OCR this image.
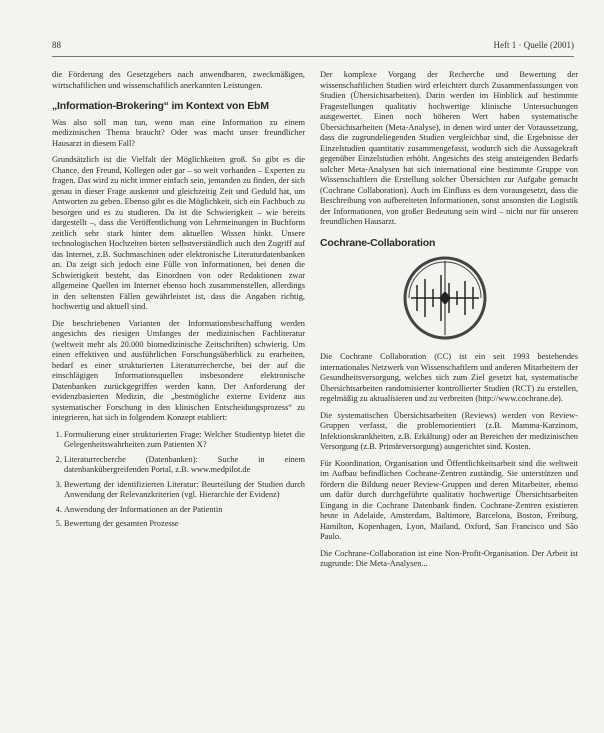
88	Heft 1 · Quelle (2001)

die Förderung des Gesetzgebers nach anwendbaren, zweckmäßigen, wirtschaftlichen und wissenschaftlich anerkannten Leistungen.

„Information-Brokering“ im Kontext von EbM

Was also soll man tun, wenn man eine Information zu einem medizinischen Thema braucht? Oder was macht unser freundlicher Hausarzt in diesem Fall?

Grundsätzlich ist die Vielfalt der Möglichkeiten groß. So gibt es die Chance, den Freund, Kollegen oder gar – so weit vorhanden – Experten zu fragen. Das wird zu nicht immer einfach sein, jemanden zu finden, der sich genau in dieser Frage auskennt und gleichzeitig Zeit und Geduld hat, um Antworten zu geben. Ebenso gibt es die Möglichkeit, sich ein Fachbuch zu besorgen und es zu studieren. Da ist die Schwierigkeit – wie bereits dargestellt –, dass die Veröffentlichung von Lehrmeinungen in Buchform zeitlich sehr stark hinter dem aktuellen Wissen hinkt. Unsere technologischen Hochzeiten bieten selbstverständlich auch den Zugriff auf das Internet, z.B. Suchmaschinen oder elektronische Literaturdatenbanken an. Da zeigt sich jedoch eine Fülle von Informationen, bei denen die Schwierigkeit besteht, das Einordnen von oder Redaktionen zwar allgemeine Quellen im Internet ebenso hoch zusammenstellen, allerdings in den seltensten Fällen gewährleistet ist, dass die Angaben richtig, hochwertig und aktuell sind.

Die beschriebenen Varianten der Informationsbeschaffung werden angesichts des riesigen Umfanges der medizinischen Fachliteratur (weltweit mehr als 20.000 biomedizinische Zeitschriften) schwierig. Um einen effektiven und ausführlichen Forschungsüberblick zu erarbeiten, bedarf es einer strukturierten Literaturrecherche, bei der auf die einschlägigen Informationsquellen insbesondere elektronische Datenbanken zurückgegriffen werden kann. Der Anforderung der evidenzbasierten Medizin, die „bestmögliche externe Evidenz aus systematischer Forschung in den klinischen Entscheidungsprozess“ zu integrieren, hat sich in folgendem Konzept etabliert:

1. Formulierung einer strukturierten Frage: Welcher Studientyp bietet die Gelegenheitswahrheiten zum Patienten X?
2. Literaturrecherche (Datenbanken): Suche in einem datenbankübergreifenden Portal, z.B. www.medpilot.de
3. Bewertung der identifizierten Literatur: Beurteilung der Studien durch Anwendung der Relevanzkriterien (vgl. Hierarchie der Evidenz)
4. Anwendung der Informationen an der Patientin
5. Bewertung der gesamten Prozesse

Der komplexe Vorgang der Recherche und Bewertung der wissenschaftlichen Studien wird erleichtert durch Zusammenfassungen von Studien (Übersichtsarbeiten). Darin werden im Hinblick auf bestimmte Fragestellungen qualitativ hochwertige klinische Untersuchungen ausgewertet. Einen noch höheren Wert haben systematische Übersichtsarbeiten (Meta-Analyse), in denen wird unter der Voraussetzung, dass die zugrundeliegenden Studien vergleichbar sind, die Ergebnisse der Einzelstudien quantitativ zusammengefasst, wodurch sich die Aussagekraft gegenüber Einzelstudien erhöht. Angesichts des steig ansteigenden Bedarfs solcher Meta-Analysen hat sich international eine bestimmte Gruppe von Wissenschaftlern die Erstellung solcher Übersichten zur Aufgabe gemacht (Cochrane Collaboration). Auch im Einfluss es dem vorausgesetzt, dass die Beschreibung von aufbereiteten Informationen, sonst ansonsten die Logistik der Informationen, von großer Bedeutung sein wird – nicht nur für unseren freundlichen Hausarzt.

Cochrane-Collaboration

Die Cochrane Collaboration (CC) ist ein seit 1993 bestehendes internationales Netzwerk von Wissenschaftlern und anderen Mitarbeitern der Gesundheitsversorgung, welches sich zum Ziel gesetzt hat, systematische Übersichtsarbeiten randomisierter kontrollierter Studien (RCT) zu erstellen, regelmäßig zu aktualisieren und zu verbreiten (http://www.cochrane.de).

Die systematischen Übersichtsarbeiten (Reviews) werden von Review-Gruppen verfasst, die problemorientiert (z.B. Mamma-Karzinom, Infektionskrankheiten, z.B. Erkältung) oder an Bereichen der medizinischen Versorgung (z.B. Primärversorgung) ausgerichtet sind. Kosten.

Für Koordination, Organisation und Öffentlichkeitsarbeit sind die weltweit im Aufbau befindlichen Cochrane-Zentren zuständig. Sie unterstützen und fördern die Bildung neuer Review-Gruppen und deren Mitarbeiter, ebenso um dafür durch durchgeführte qualitativ hochwertige Übersichtsarbeiten Eingang in die Cochrane Datenbank finden. Cochrane-Zentren existieren heute in Adelaide, Amsterdam, Baltimore, Barcelona, Boston, Freiburg, Hamilton, Kopenhagen, Lyon, Mailand, Oxford, San Francisco und São Paulo.

Die Cochrane-Collaboration ist eine Non-Profit-Organisation. Der Arbeit ist zugrunde: Die Meta-Analysen...
